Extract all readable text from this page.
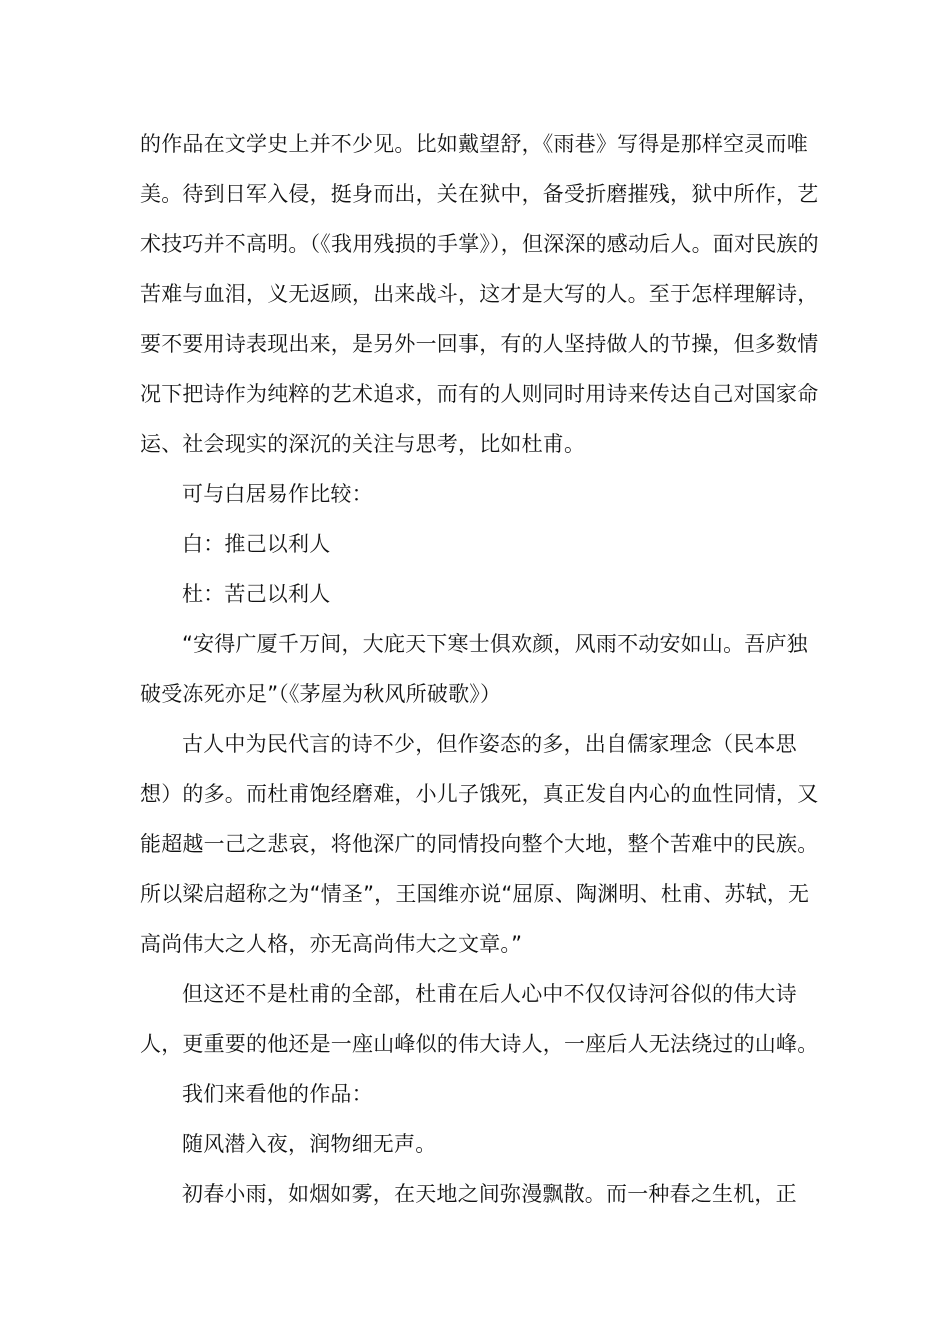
的作品在文学史上并不少见。比如戴望舒，《雨巷》写得是那样空灵而唯美。待到日军入侵，挺身而出，关在狱中，备受折磨摧残，狱中所作，艺术技巧并不高明。（《我用残损的手掌》），但深深的感动后人。面对民族的苦难与血泪，义无返顾，出来战斗，这才是大写的人。至于怎样理解诗，要不要用诗表现出来，是另外一回事，有的人坚持做人的节操，但多数情况下把诗作为纯粹的艺术追求，而有的人则同时用诗来传达自己对国家命运、社会现实的深沉的关注与思考，比如杜甫。

可与白居易作比较：

白：推己以利人

杜：苦己以利人

“安得广厦千万间，大庇天下寒士俱欢颜，风雨不动安如山。吾庐独破受冻死亦足”（《茅屋为秋风所破歌》）

古人中为民代言的诗不少，但作姿态的多，出自儒家理念（民本思想）的多。而杜甫饱经磨难，小儿子饿死，真正发自内心的血性同情，又能超越一己之悲哀，将他深广的同情投向整个大地，整个苦难中的民族。所以梁启超称之为“情圣”，王国维亦说“屈原、陶渊明、杜甫、苏轼，无高尚伟大之人格，亦无高尚伟大之文章。”

但这还不是杜甫的全部，杜甫在后人心中不仅仅诗河谷似的伟大诗人，更重要的他还是一座山峰似的伟大诗人，一座后人无法绕过的山峰。

我们来看他的作品：

随风潜入夜，润物细无声。

初春小雨，如烟如雾，在天地之间弥漫飘散。而一种春之生机，正
